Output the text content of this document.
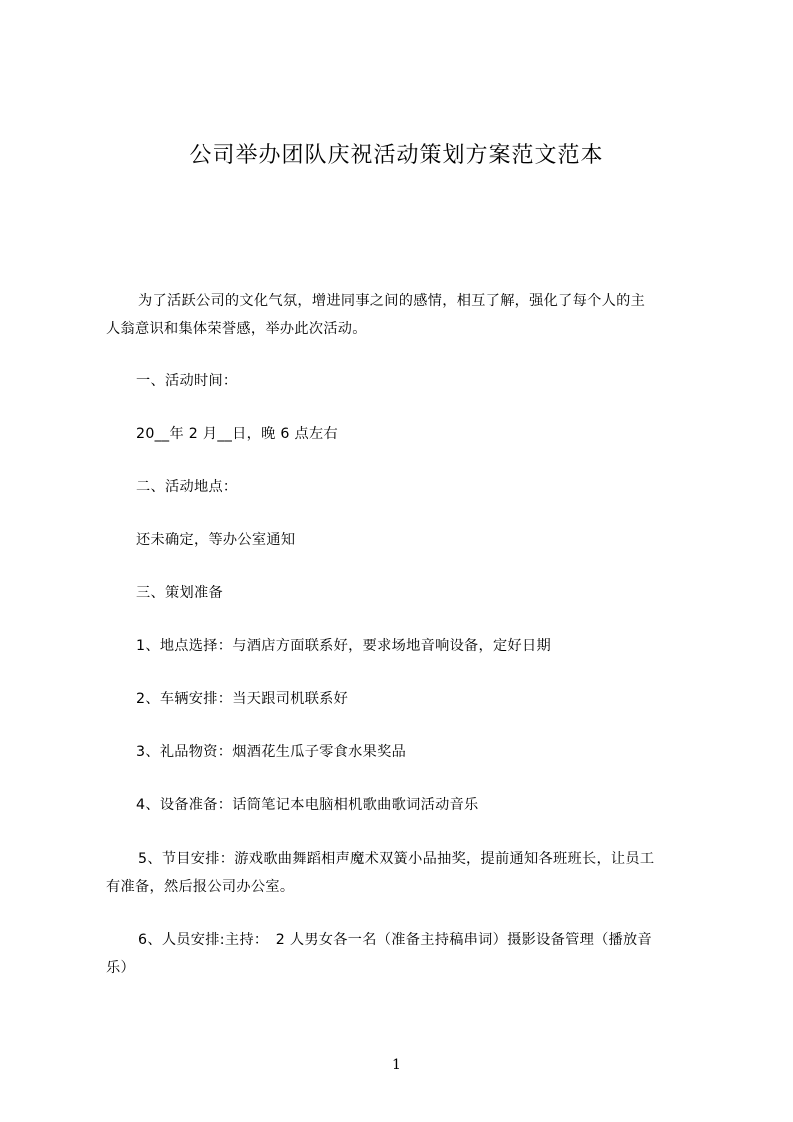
公司举办团队庆祝活动策划方案范文范本
为了活跃公司的文化气氛，增进同事之间的感情，相互了解，强化了每个人的主
人翁意识和集体荣誉感，举办此次活动。
一、活动时间：
20__年 2 月__日，晚 6 点左右
二、活动地点：
还未确定，等办公室通知
三、策划准备
1、地点选择：与酒店方面联系好，要求场地音响设备，定好日期
2、车辆安排：当天跟司机联系好
3、礼品物资：烟酒花生瓜子零食水果奖品
4、设备准备：话筒笔记本电脑相机歌曲歌词活动音乐
5、节目安排：游戏歌曲舞蹈相声魔术双簧小品抽奖，提前通知各班班长，让员工
有准备，然后报公司办公室。
6、人员安排:主持：　2 人男女各一名（准备主持稿串词）摄影设备管理（播放音
乐）
1
